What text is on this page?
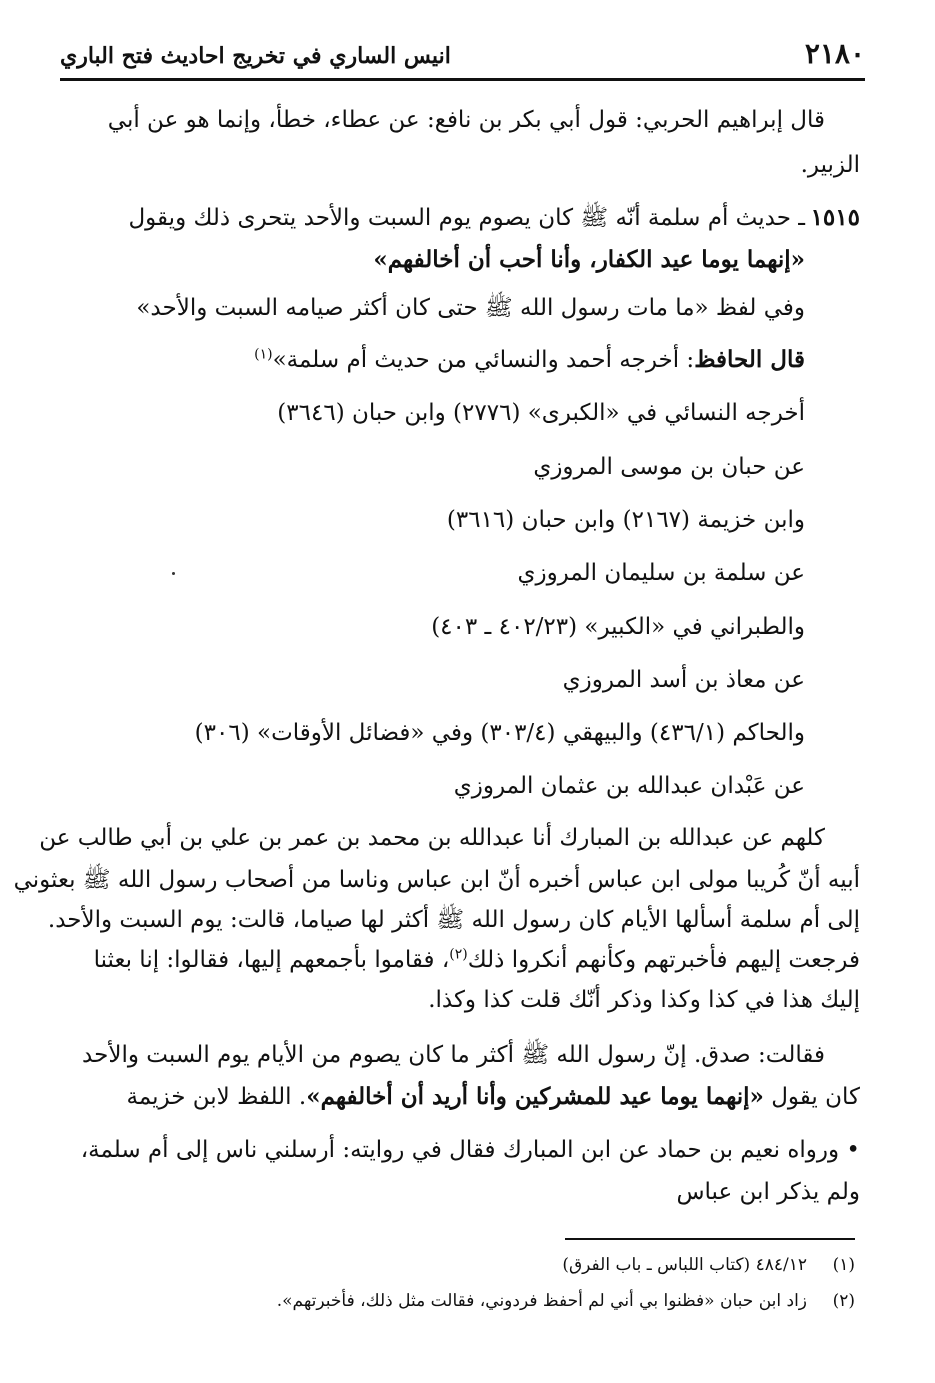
٢١٨٠
انيس الساري في تخريج احاديث فتح الباري
قال إبراهيم الحربي: قول أبي بكر بن نافع: عن عطاء، خطأ، وإنما هو عن أبي
الزبير.
١٥١٥
ـ حديث أم سلمة أنّه ﷺ كان يصوم يوم السبت والأحد يتحرى ذلك ويقول
«إنهما يوما عيد الكفار، وأنا أحب أن أخالفهم»
وفي لفظ «ما مات رسول الله ﷺ حتى كان أكثر صيامه السبت والأحد»
قال الحافظ: أخرجه أحمد والنسائي من حديث أم سلمة»$^{(١)}$
أخرجه النسائي في «الكبرى» (٢٧٧٦) وابن حبان (٣٦٤٦)
عن حبان بن موسى المروزي
وابن خزيمة (٢١٦٧) وابن حبان (٣٦١٦)
عن سلمة بن سليمان المروزي
والطبراني في «الكبير» (٤٠٢/٢٣ ـ ٤٠٣)
عن معاذ بن أسد المروزي
والحاكم (٤٣٦/١) والبيهقي (٣٠٣/٤) وفي «فضائل الأوقات» (٣٠٦)
عن عَبْدان عبدالله بن عثمان المروزي
كلهم عن عبدالله بن المبارك أنا عبدالله بن محمد بن عمر بن علي بن أبي طالب عن
أبيه أنّ كُريبا مولى ابن عباس أخبره أنّ ابن عباس وناسا من أصحاب رسول الله ﷺ بعثوني
إلى أم سلمة أسألها الأيام كان رسول الله ﷺ أكثر لها صياما، قالت: يوم السبت والأحد.
فرجعت إليهم فأخبرتهم وكأنهم أنكروا ذلك$^{(٢)}$، فقاموا بأجمعهم إليها، فقالوا: إنا بعثنا
إليك هذا في كذا وكذا وذكر أنّك قلت كذا وكذا.
فقالت: صدق. إنّ رسول الله ﷺ أكثر ما كان يصوم من الأيام يوم السبت والأحد
كان يقول «إنهما يوما عيد للمشركين وأنا أريد أن أخالفهم». اللفظ لابن خزيمة
• ورواه نعيم بن حماد عن ابن المبارك فقال في روايته: أرسلني ناس إلى أم سلمة،
ولم يذكر ابن عباس
(١)
٤٨٤/١٢ (كتاب اللباس ـ باب الفرق)
(٢)
زاد ابن حبان «فظنوا بي أني لم أحفظ فردوني، فقالت مثل ذلك، فأخبرتهم».
